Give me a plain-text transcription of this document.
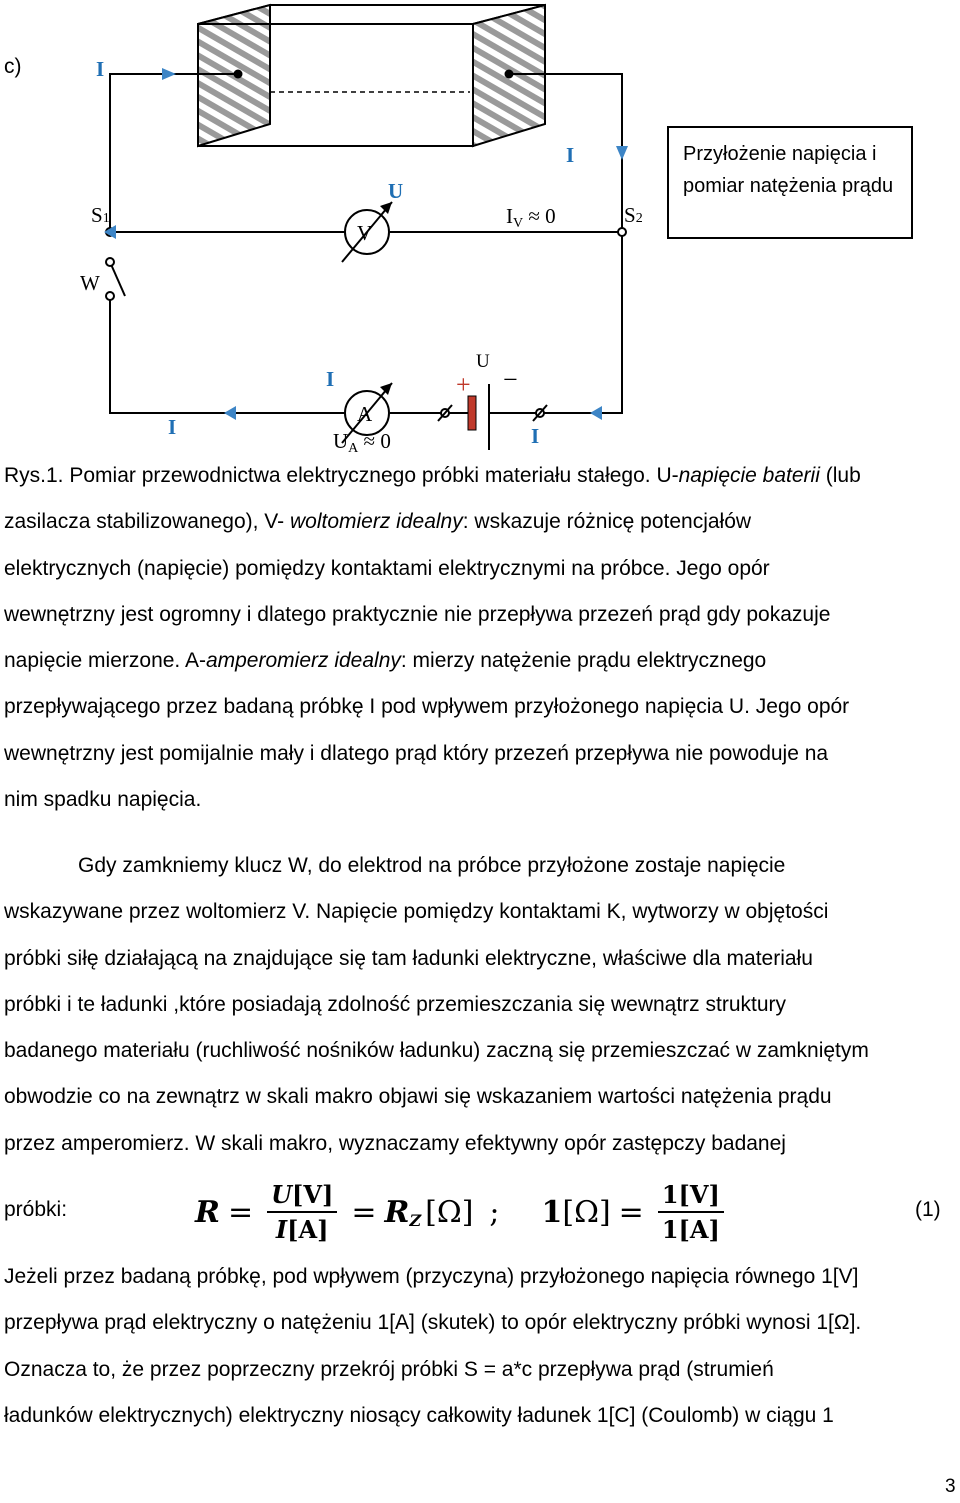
c)
V
A
+ −
U
I
I
U
I
I	I
S1	S2
W
IV ≈ 0
UA ≈ 0
Przyłożenie napięcia i pomiar natężenia prądu

Rys.1. Pomiar przewodnictwa elektrycznego próbki materiału stałego. U-napięcie baterii (lub

zasilacza stabilizowanego), V- woltomierz idealny: wskazuje różnicę potencjałów

elektrycznych (napięcie) pomiędzy kontaktami elektrycznymi na próbce. Jego opór

wewnętrzny jest ogromny i dlatego praktycznie nie przepływa przezeń prąd gdy pokazuje

napięcie mierzone. A-amperomierz idealny: mierzy natężenie prądu elektrycznego

przepływającego przez badaną próbkę I pod wpływem przyłożonego napięcia U. Jego opór

wewnętrzny jest pomijalnie mały i dlatego prąd który przezeń przepływa nie powoduje na

nim spadku napięcia.

Gdy zamkniemy klucz W, do elektrod na próbce przyłożone zostaje napięcie

wskazywane przez woltomierz V. Napięcie pomiędzy kontaktami K, wytworzy w objętości

próbki siłę działającą na znajdujące się tam ładunki elektryczne, właściwe dla materiału

próbki i te ładunki ,które posiadają zdolność przemieszczania się wewnątrz struktury

badanego materiału (ruchliwość nośników ładunku) zaczną się przemieszczać w zamkniętym

obwodzie co na zewnątrz w skali makro objawi się wskazaniem wartości natężenia prądu

przez amperomierz. W skali makro, wyznaczamy efektywny opór zastępczy badanej

próbki:	$R = \frac{U[V]}{I[A]} = R$ Z [Ω] ; 1 $[\Omega] = \frac{1[V]}{1[A]}$	(1)

Jeżeli przez badaną próbkę, pod wpływem (przyczyna) przyłożonego napięcia równego 1[V]

przepływa prąd elektryczny o natężeniu 1[A] (skutek) to opór elektryczny próbki wynosi 1[Ω].

Oznacza to, że przez poprzeczny przekrój próbki S = a*c przepływa prąd (strumień

ładunków elektrycznych) elektryczny niosący całkowity ładunek 1[C] (Coulomb) w ciągu 1

3
